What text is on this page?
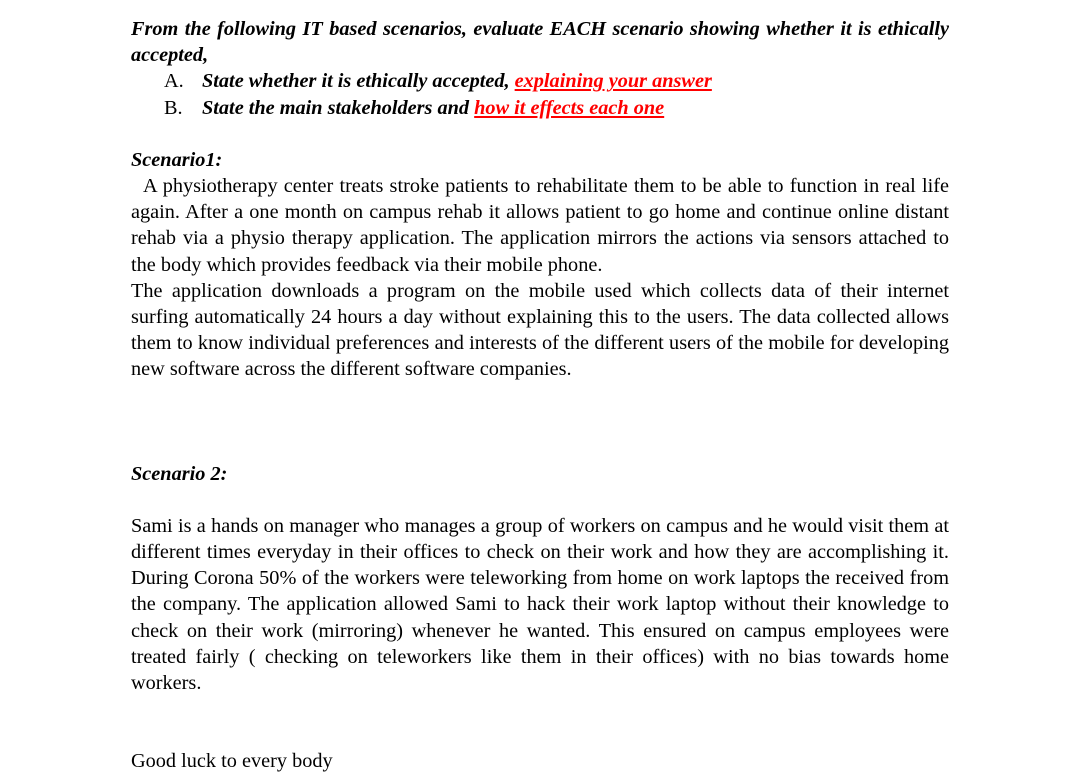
From the following IT based scenarios, evaluate EACH scenario showing whether it is ethically accepted,
A. State whether it is ethically accepted, explaining your answer
B. State the main stakeholders and how it effects each one
Scenario1:
A physiotherapy center treats stroke patients to rehabilitate them to be able to function in real life again. After a one month on campus rehab it allows patient to go home and continue online distant rehab via a physio therapy application. The application mirrors the actions via sensors attached to the body which provides feedback via their mobile phone.
The application downloads a program on the mobile used which collects data of their internet surfing automatically 24 hours a day without explaining this to the users. The data collected allows them to know individual preferences and interests of the different users of the mobile for developing new software across the different software companies.
Scenario 2:
Sami is a hands on manager who manages a group of workers on campus and he would visit them at different times everyday in their offices to check on their work and how they are accomplishing it. During Corona 50% of the workers were teleworking from home on work laptops the received from the company. The application allowed Sami to hack their work laptop without their knowledge to check on their work (mirroring) whenever he wanted. This ensured on campus employees were treated fairly ( checking on teleworkers like them in their offices) with no bias towards home workers.
Good luck to every body
